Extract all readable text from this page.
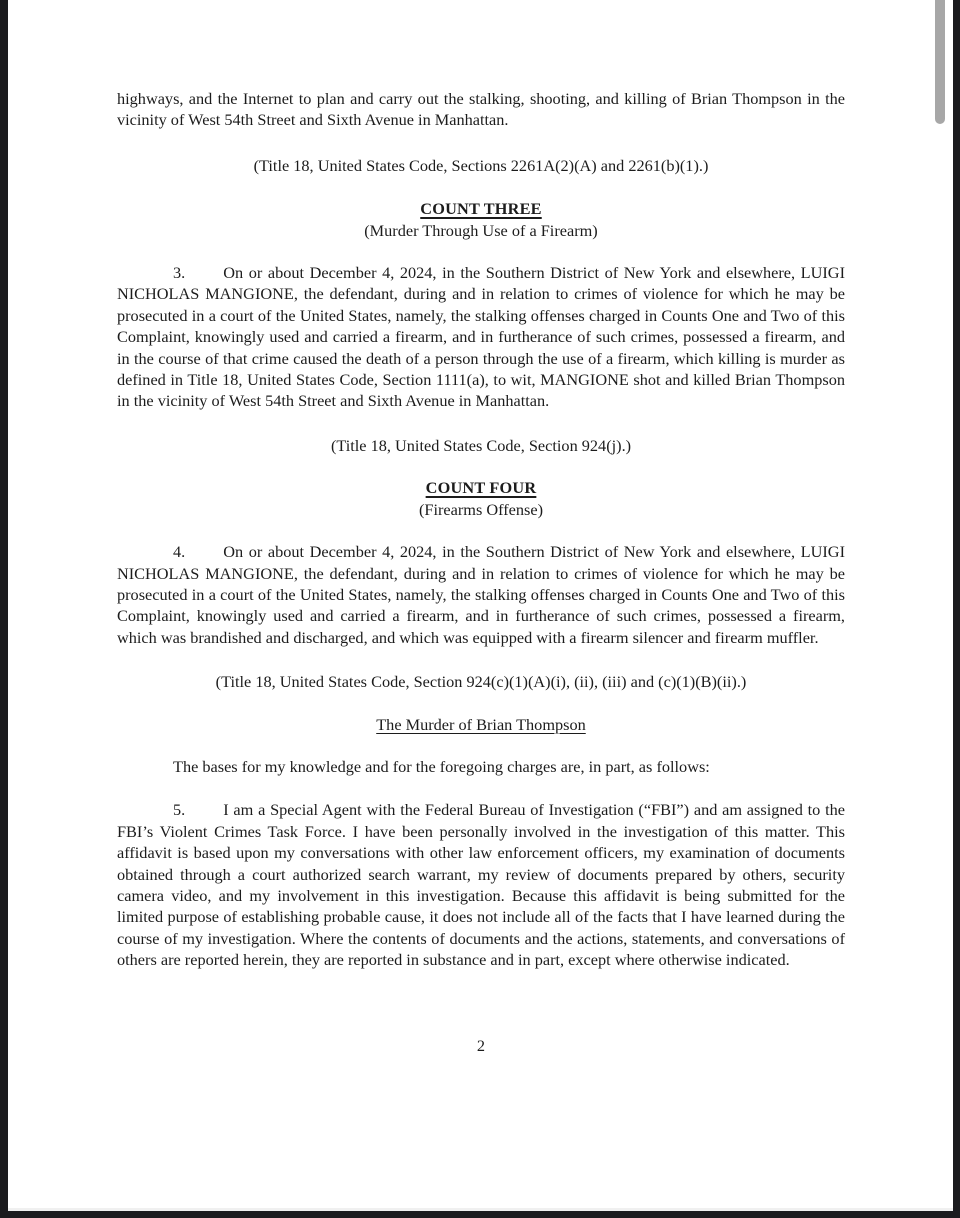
highways, and the Internet to plan and carry out the stalking, shooting, and killing of Brian Thompson in the vicinity of West 54th Street and Sixth Avenue in Manhattan.

(Title 18, United States Code, Sections 2261A(2)(A) and 2261(b)(1).)

COUNT THREE

(Murder Through Use of a Firearm)

3. On or about December 4, 2024, in the Southern District of New York and elsewhere, LUIGI NICHOLAS MANGIONE, the defendant, during and in relation to crimes of violence for which he may be prosecuted in a court of the United States, namely, the stalking offenses charged in Counts One and Two of this Complaint, knowingly used and carried a firearm, and in furtherance of such crimes, possessed a firearm, and in the course of that crime caused the death of a person through the use of a firearm, which killing is murder as defined in Title 18, United States Code, Section 1111(a), to wit, MANGIONE shot and killed Brian Thompson in the vicinity of West 54th Street and Sixth Avenue in Manhattan.

(Title 18, United States Code, Section 924(j).)

COUNT FOUR

(Firearms Offense)

4. On or about December 4, 2024, in the Southern District of New York and elsewhere, LUIGI NICHOLAS MANGIONE, the defendant, during and in relation to crimes of violence for which he may be prosecuted in a court of the United States, namely, the stalking offenses charged in Counts One and Two of this Complaint, knowingly used and carried a firearm, and in furtherance of such crimes, possessed a firearm, which was brandished and discharged, and which was equipped with a firearm silencer and firearm muffler.

(Title 18, United States Code, Section 924(c)(1)(A)(i), (ii), (iii) and (c)(1)(B)(ii).)

The Murder of Brian Thompson

The bases for my knowledge and for the foregoing charges are, in part, as follows:

5. I am a Special Agent with the Federal Bureau of Investigation (“FBI”) and am assigned to the FBI’s Violent Crimes Task Force. I have been personally involved in the investigation of this matter. This affidavit is based upon my conversations with other law enforcement officers, my examination of documents obtained through a court authorized search warrant, my review of documents prepared by others, security camera video, and my involvement in this investigation. Because this affidavit is being submitted for the limited purpose of establishing probable cause, it does not include all of the facts that I have learned during the course of my investigation. Where the contents of documents and the actions, statements, and conversations of others are reported herein, they are reported in substance and in part, except where otherwise indicated.

2
